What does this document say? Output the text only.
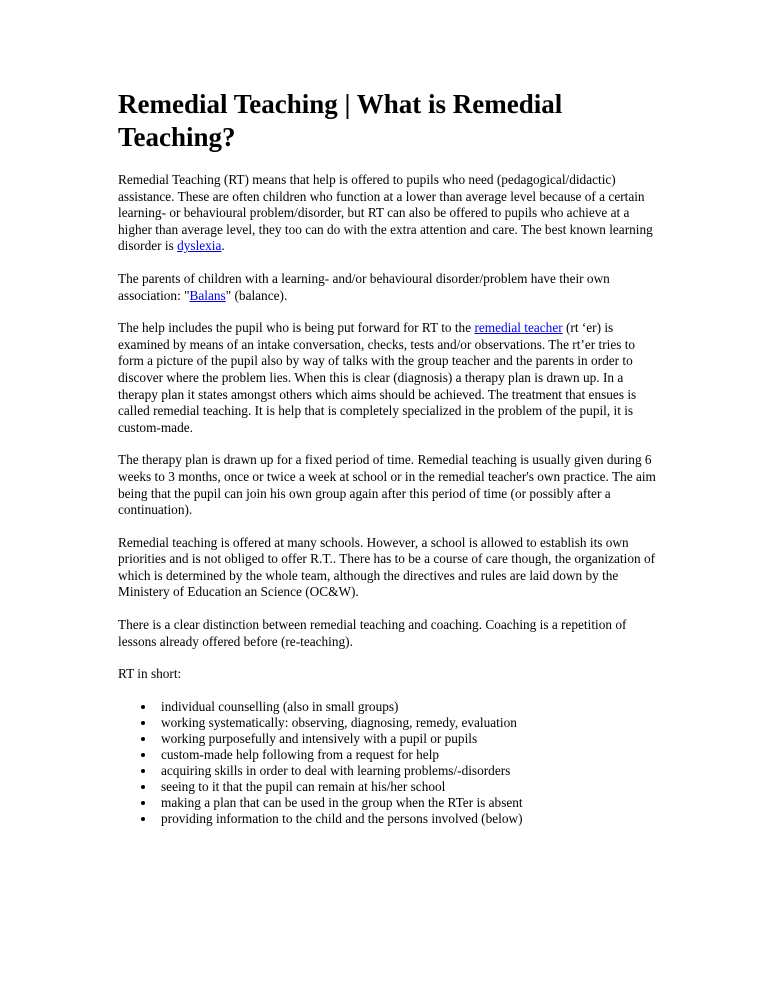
Remedial Teaching | What is Remedial Teaching?

Remedial Teaching (RT) means that help is offered to pupils who need (pedagogical/didactic) assistance. These are often children who function at a lower than average level because of a certain learning- or behavioural problem/disorder, but RT can also be offered to pupils who achieve at a higher than average level, they too can do with the extra attention and care. The best known learning disorder is dyslexia.

The parents of children with a learning- and/or behavioural disorder/problem have their own association: "Balans" (balance).

The help includes the pupil who is being put forward for RT to the remedial teacher (rt ‘er) is examined by means of an intake conversation, checks, tests and/or observations. The rt’er tries to form a picture of the pupil also by way of talks with the group teacher and the parents in order to discover where the problem lies. When this is clear (diagnosis) a therapy plan is drawn up. In a therapy plan it states amongst others which aims should be achieved. The treatment that ensues is called remedial teaching. It is help that is completely specialized in the problem of the pupil, it is custom-made.

The therapy plan is drawn up for a fixed period of time. Remedial teaching is usually given during 6 weeks to 3 months, once or twice a week at school or in the remedial teacher's own practice. The aim being that the pupil can join his own group again after this period of time (or possibly after a continuation).

Remedial teaching is offered at many schools. However, a school is allowed to establish its own priorities and is not obliged to offer R.T.. There has to be a course of care though, the organization of which is determined by the whole team, although the directives and rules are laid down by the Ministery of Education an Science (OC&W).

There is a clear distinction between remedial teaching and coaching. Coaching is a repetition of lessons already offered before (re-teaching).

RT in short:

individual counselling (also in small groups)
working systematically: observing, diagnosing, remedy, evaluation
working purposefully and intensively with a pupil or pupils
custom-made help following from a request for help
acquiring skills in order to deal with learning problems/-disorders
seeing to it that the pupil can remain at his/her school
making a plan that can be used in the group when the RTer is absent
providing information to the child and the persons involved (below)
